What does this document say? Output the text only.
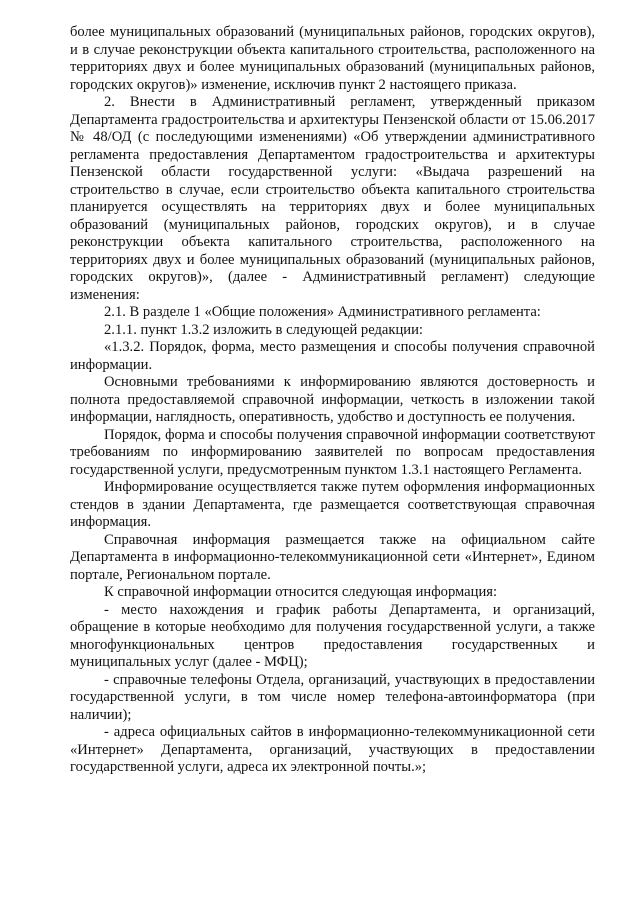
более муниципальных образований (муниципальных районов, городских округов), и в случае реконструкции объекта капитального строительства, расположенного на территориях двух и более муниципальных образований (муниципальных районов, городских округов)» изменение, исключив пункт 2 настоящего приказа.

2. Внести в Административный регламент, утвержденный приказом Департамента градостроительства и архитектуры Пензенской области от 15.06.2017 № 48/ОД (с последующими изменениями) «Об утверждении административного регламента предоставления Департаментом градостроительства и архитектуры Пензенской области государственной услуги: «Выдача разрешений на строительство в случае, если строительство объекта капитального строительства планируется осуществлять на территориях двух и более муниципальных образований (муниципальных районов, городских округов), и в случае реконструкции объекта капитального строительства, расположенного на территориях двух и более муниципальных образований (муниципальных районов, городских округов)», (далее - Административный регламент) следующие изменения:

2.1. В разделе 1 «Общие положения» Административного регламента:

2.1.1. пункт 1.3.2 изложить в следующей редакции:

«1.3.2. Порядок, форма, место размещения и способы получения справочной информации.

Основными требованиями к информированию являются достоверность и полнота предоставляемой справочной информации, четкость в изложении такой информации, наглядность, оперативность, удобство и доступность ее получения.

Порядок, форма и способы получения справочной информации соответствуют требованиям по информированию заявителей по вопросам предоставления государственной услуги, предусмотренным пунктом 1.3.1 настоящего Регламента.

Информирование осуществляется также путем оформления информационных стендов в здании Департамента, где размещается соответствующая справочная информация.

Справочная информация размещается также на официальном сайте Департамента в информационно-телекоммуникационной сети «Интернет», Едином портале, Региональном портале.

К справочной информации относится следующая информация:

- место нахождения и график работы Департамента, и организаций, обращение в которые необходимо для получения государственной услуги, а также многофункциональных центров предоставления государственных и муниципальных услуг (далее - МФЦ);

- справочные телефоны Отдела, организаций, участвующих в предоставлении государственной услуги, в том числе номер телефона-автоинформатора (при наличии);

- адреса официальных сайтов в информационно-телекоммуникационной сети «Интернет» Департамента, организаций, участвующих в предоставлении государственной услуги, адреса их электронной почты.»;
